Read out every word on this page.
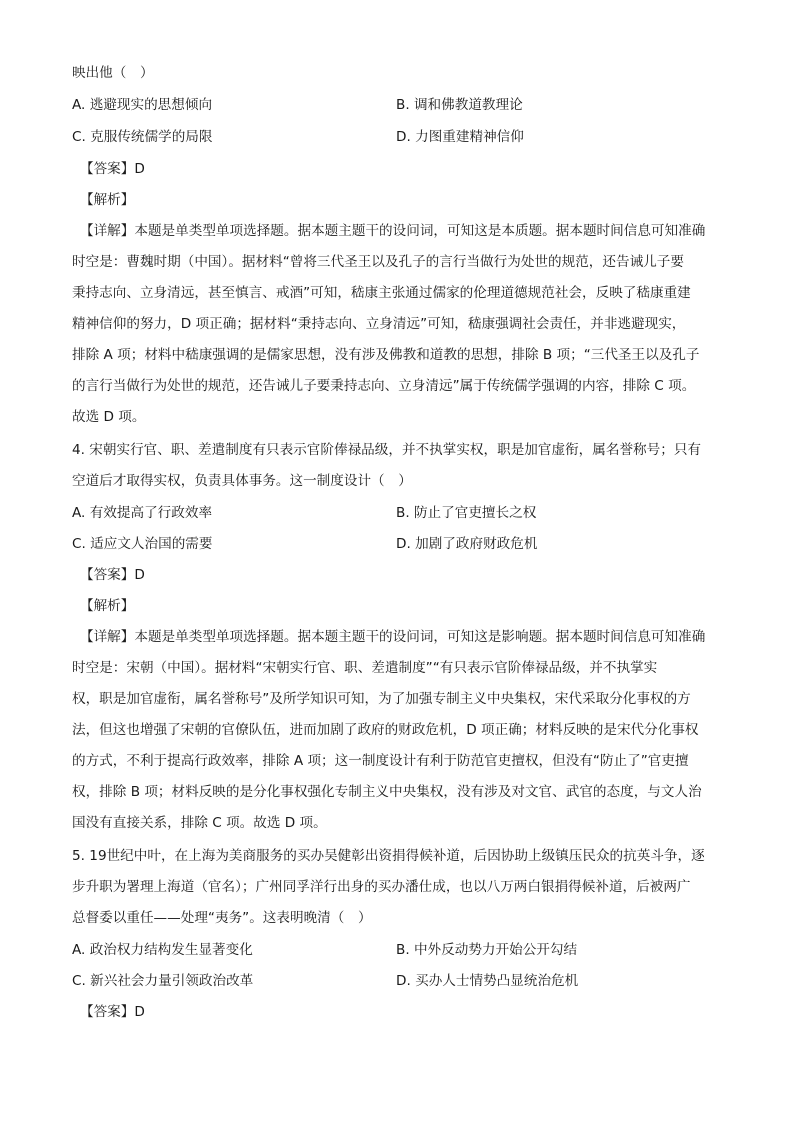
映出他（　）
A. 逃避现实的思想倾向	B. 调和佛教道教理论
C. 克服传统儒学的局限	D. 力图重建精神信仰
【答案】D
【解析】
【详解】本题是单类型单项选择题。据本题主题干的设问词，可知这是本质题。据本题时间信息可知准确
时空是：曹魏时期（中国）。据材料“曾将三代圣王以及孔子的言行当做行为处世的规范，还告诫儿子要
秉持志向、立身清远，甚至慎言、戒酒”可知，嵇康主张通过儒家的伦理道德规范社会，反映了嵇康重建
精神信仰的努力，D 项正确；据材料“秉持志向、立身清远”可知，嵇康强调社会责任，并非逃避现实，
排除 A 项；材料中嵇康强调的是儒家思想，没有涉及佛教和道教的思想，排除 B 项；“三代圣王以及孔子
的言行当做行为处世的规范，还告诫儿子要秉持志向、立身清远”属于传统儒学强调的内容，排除 C 项。
故选 D 项。
4. 宋朝实行官、职、差遣制度有只表示官阶俸禄品级，并不执掌实权，职是加官虚衔，属名誉称号；只有
空道后才取得实权，负责具体事务。这一制度设计（　）
A. 有效提高了行政效率	B. 防止了官吏擅长之权
C. 适应文人治国的需要	D. 加剧了政府财政危机
【答案】D
【解析】
【详解】本题是单类型单项选择题。据本题主题干的设问词，可知这是影响题。据本题时间信息可知准确
时空是：宋朝（中国）。据材料“宋朝实行官、职、差遣制度”“有只表示官阶俸禄品级，并不执掌实
权，职是加官虚衔，属名誉称号”及所学知识可知，为了加强专制主义中央集权，宋代采取分化事权的方
法，但这也增强了宋朝的官僚队伍，进而加剧了政府的财政危机，D 项正确；材料反映的是宋代分化事权
的方式，不利于提高行政效率，排除 A 项；这一制度设计有利于防范官吏擅权，但没有“防止了”官吏擅
权，排除 B 项；材料反映的是分化事权强化专制主义中央集权，没有涉及对文官、武官的态度，与文人治
国没有直接关系，排除 C 项。故选 D 项。
5. 19世纪中叶，在上海为美商服务的买办吴健彰出资捐得候补道，后因协助上级镇压民众的抗英斗争，逐
步升职为署理上海道（官名）；广州同孚洋行出身的买办潘仕成，也以八万两白银捐得候补道，后被两广
总督委以重任——处理“夷务”。这表明晚清（　）
A. 政治权力结构发生显著变化	B. 中外反动势力开始公开勾结
C. 新兴社会力量引领政治改革	D. 买办人士情势凸显统治危机
【答案】D
